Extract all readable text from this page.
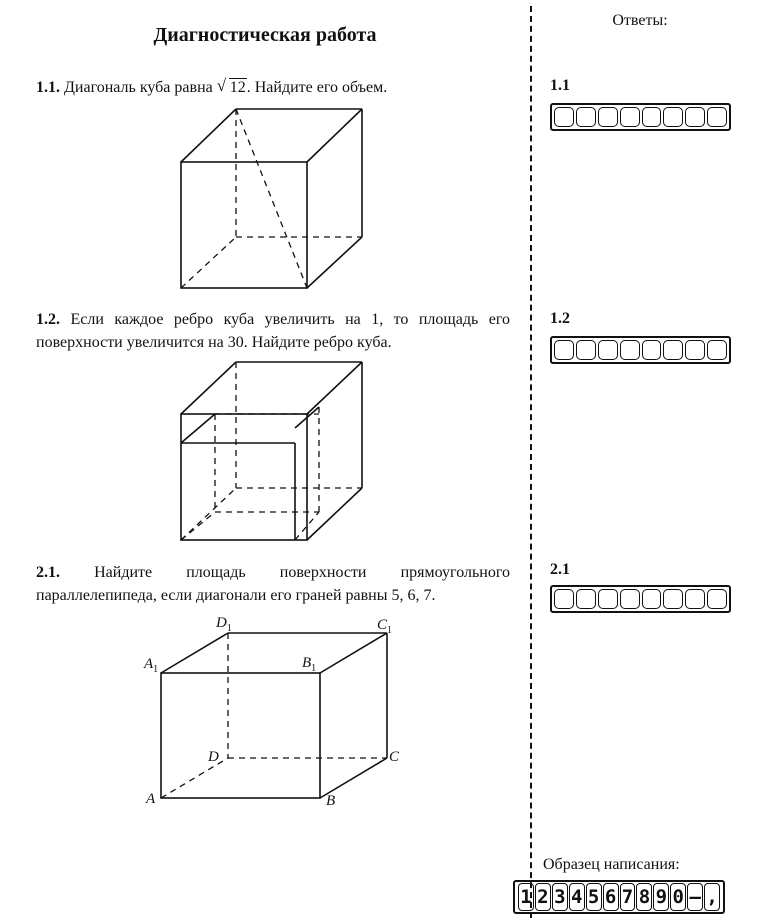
Диагностическая работа
1.1. Диагональ куба равна √ 12. Найдите его объем.
A	B
C
D
$A_1$	$B_1$
$C_1$
$D_1$
1.2. Если каждое ребро куба увеличить на 1, то площадь его поверхности увеличится на 30. Найдите ребро куба.
2.1. Найдите площадь поверхности прямоугольного параллелепипеда, если диагонали его граней равны 5, 6, 7.
Ответы:
1.1
1.2
2.1
Образец написания:
1 2 3 4 5 6 7 8 9 0 – ,
